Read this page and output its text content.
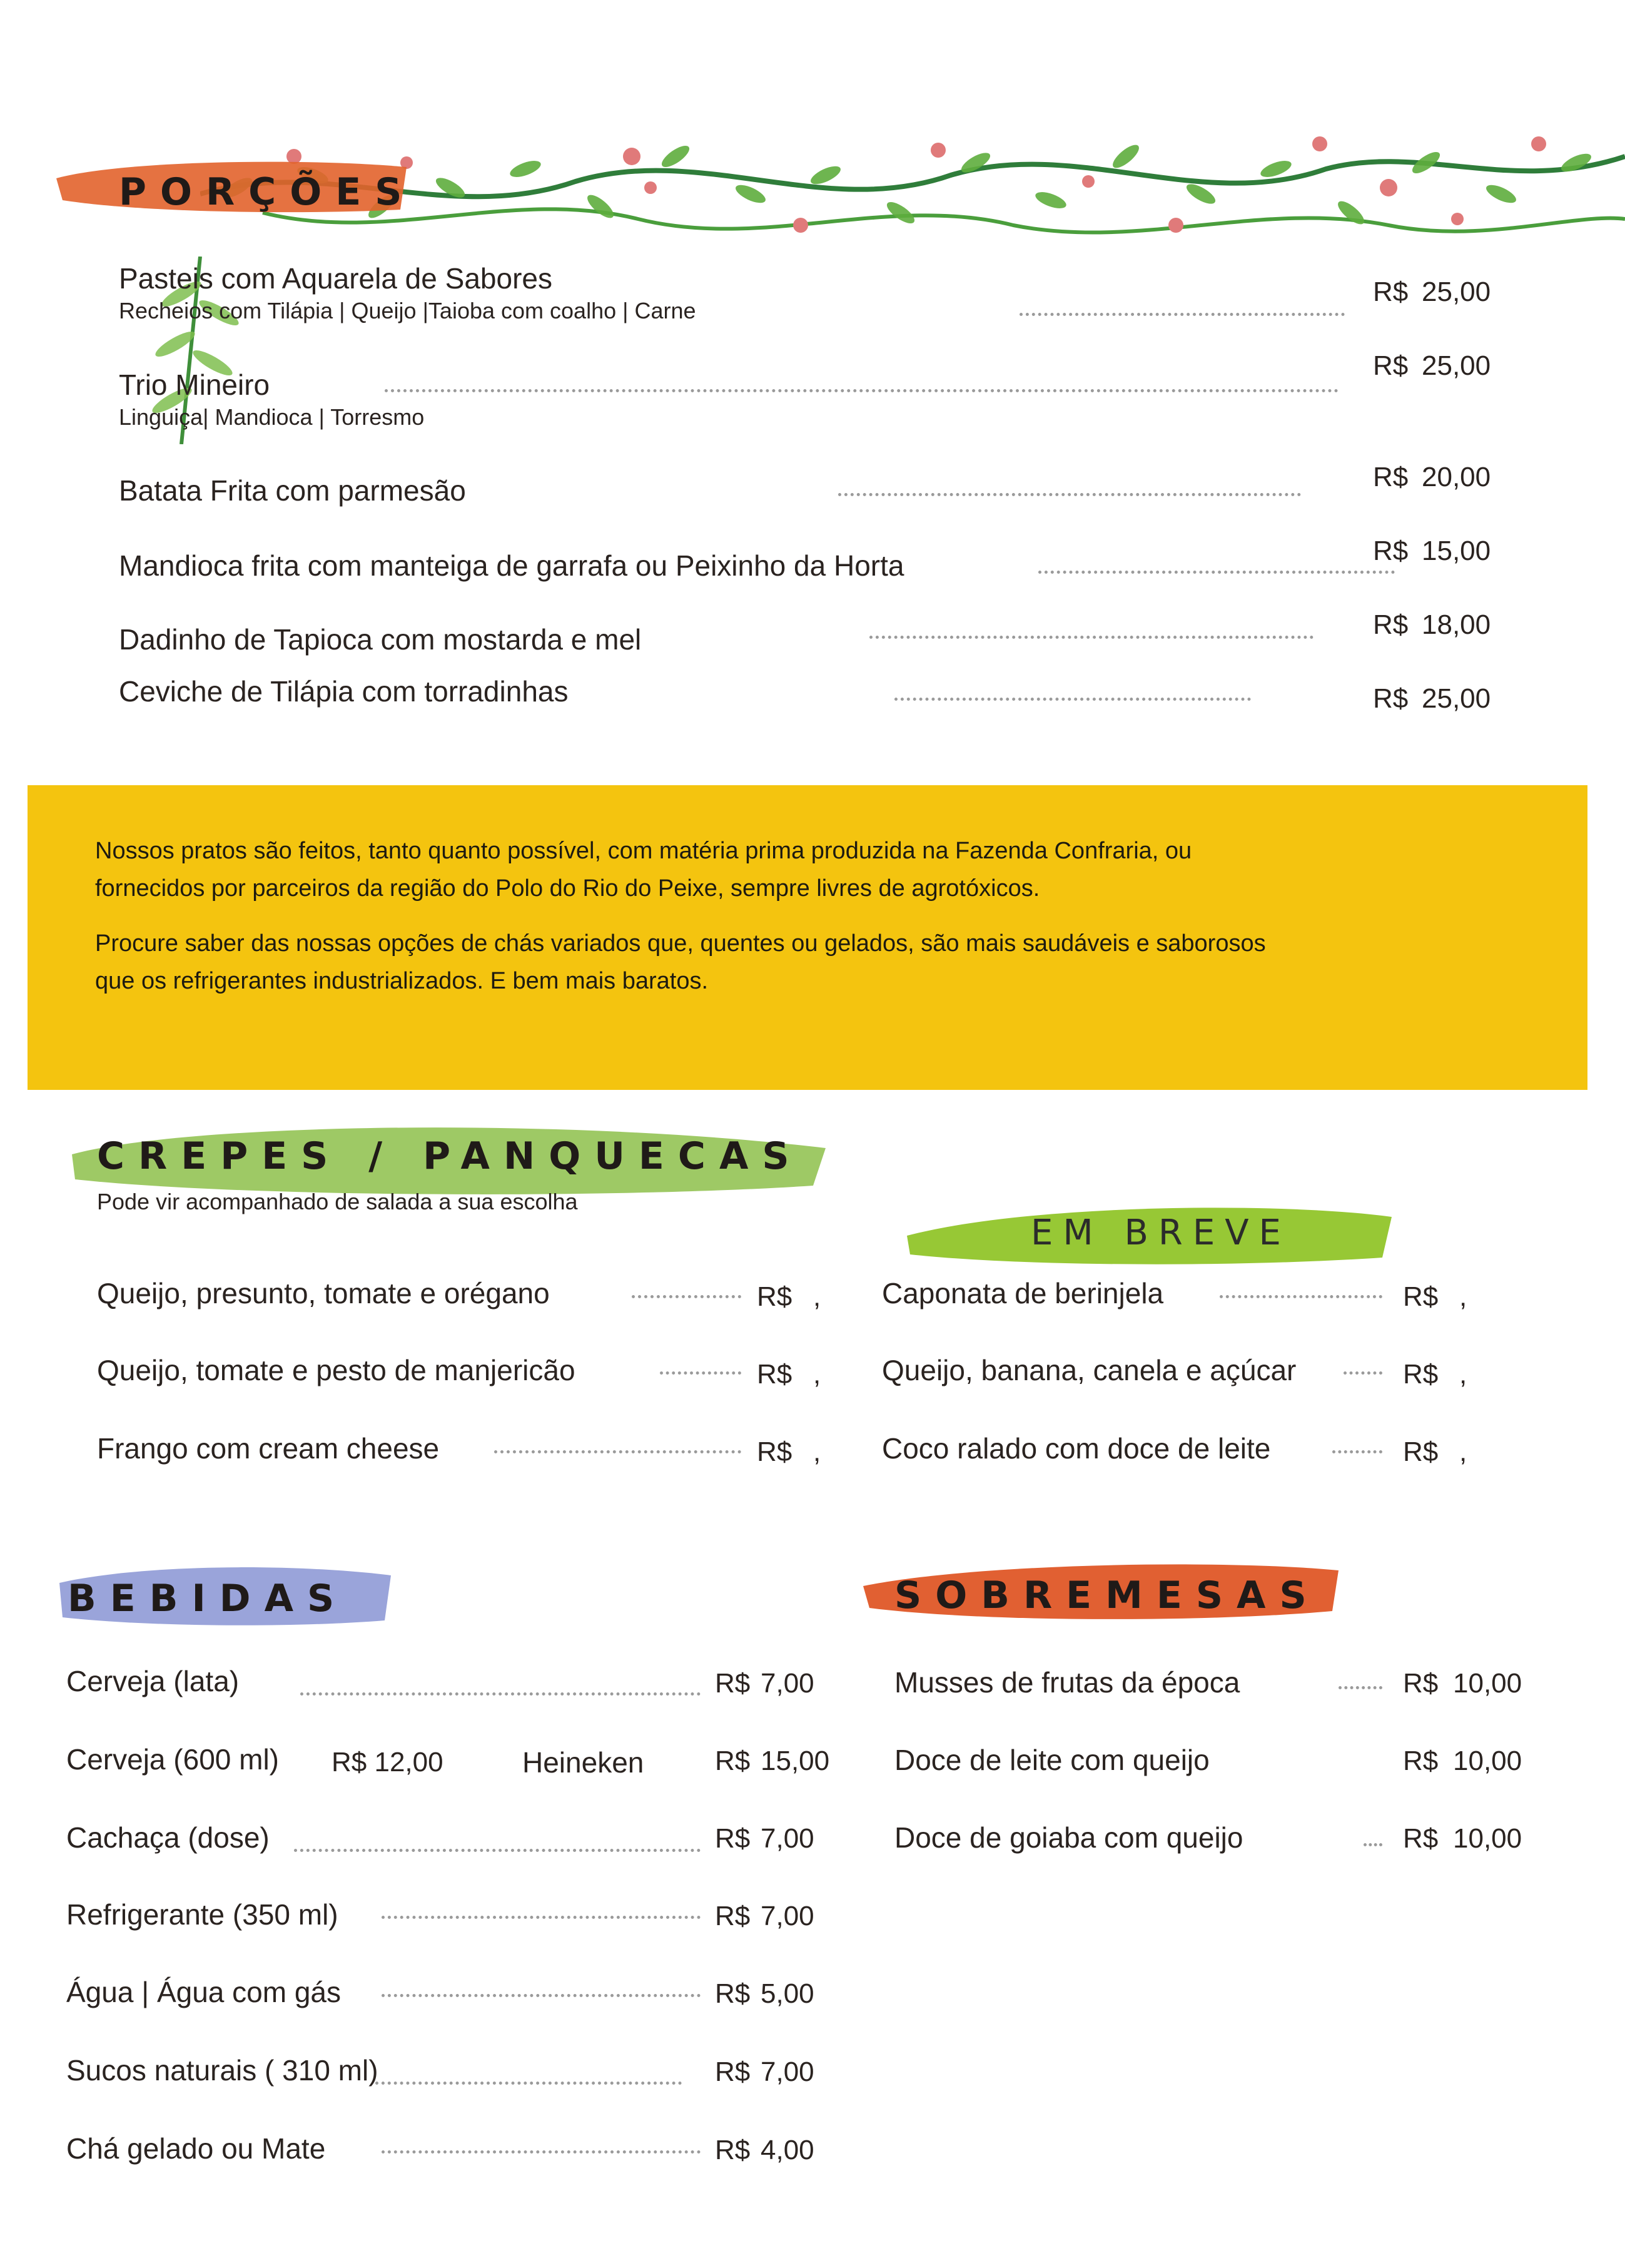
PORÇÕES
Pasteis com Aquarela de Sabores
Recheios com Tilápia | Queijo |Taioba com coalho | Carne
R$ 25,00
Trio Mineiro
Linguiça| Mandioca | Torresmo
R$ 25,00
Batata Frita com parmesão	R$ 20,00
Mandioca frita com manteiga de garrafa ou Peixinho da Horta	R$ 15,00
Dadinho de Tapioca com mostarda e mel	R$ 18,00
Ceviche de Tilápia com torradinhas	R$ 25,00

Nossos pratos são feitos, tanto quanto possível, com matéria prima produzida na Fazenda Confraria, ou fornecidos por parceiros da região do Polo do Rio do Peixe, sempre livres de agrotóxicos.

Procure saber das nossas opções de chás variados que, quentes ou gelados, são mais saudáveis e saborosos que os refrigerantes industrializados. E bem mais baratos.

CREPES / PANQUECAS
Pode vir acompanhado de salada a sua escolha
Queijo, presunto, tomate e orégano	R$ ,
Queijo, tomate e pesto de manjericão	R$ ,
Frango com cream cheese	R$ ,
EM BREVE
Caponata de berinjela	R$ ,
Queijo, banana, canela e açúcar	R$ ,
Coco ralado com doce de leite	R$ ,
BEBIDAS
Cerveja (lata)	R$ 7,00
Cerveja (600 ml) R$ 12,00	Heineken	R$ 15,00
Cachaça (dose)	R$ 7,00
Refrigerante (350 ml)	R$ 7,00
Água | Água com gás	R$ 5,00
Sucos naturais ( 310 ml)	R$ 7,00
Chá gelado ou Mate	R$ 4,00
SOBREMESAS
Musses de frutas da época	R$ 10,00
Doce de leite com queijo	R$ 10,00
Doce de goiaba com queijo	R$ 10,00
